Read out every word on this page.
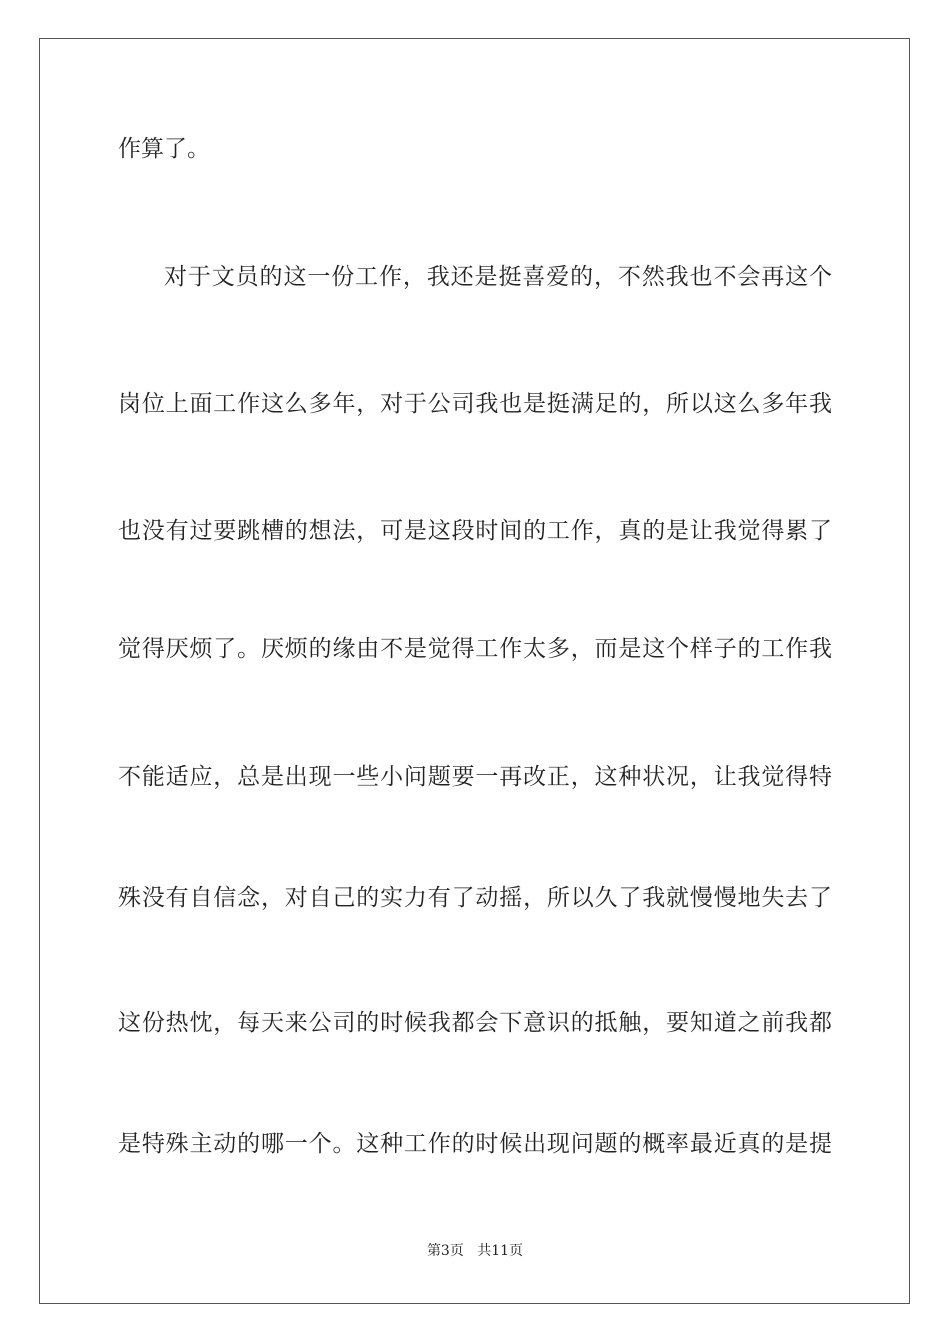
作算了。
对于文员的这一份工作，我还是挺喜爱的，不然我也不会再这个
岗位上面工作这么多年，对于公司我也是挺满足的，所以这么多年我
也没有过要跳槽的想法，可是这段时间的工作，真的是让我觉得累了
觉得厌烦了。厌烦的缘由不是觉得工作太多，而是这个样子的工作我
不能适应，总是出现一些小问题要一再改正，这种状况，让我觉得特
殊没有自信念，对自己的实力有了动摇，所以久了我就慢慢地失去了
这份热忱，每天来公司的时候我都会下意识的抵触，要知道之前我都
是特殊主动的哪一个。这种工作的时候出现问题的概率最近真的是提
第3页 共11页
